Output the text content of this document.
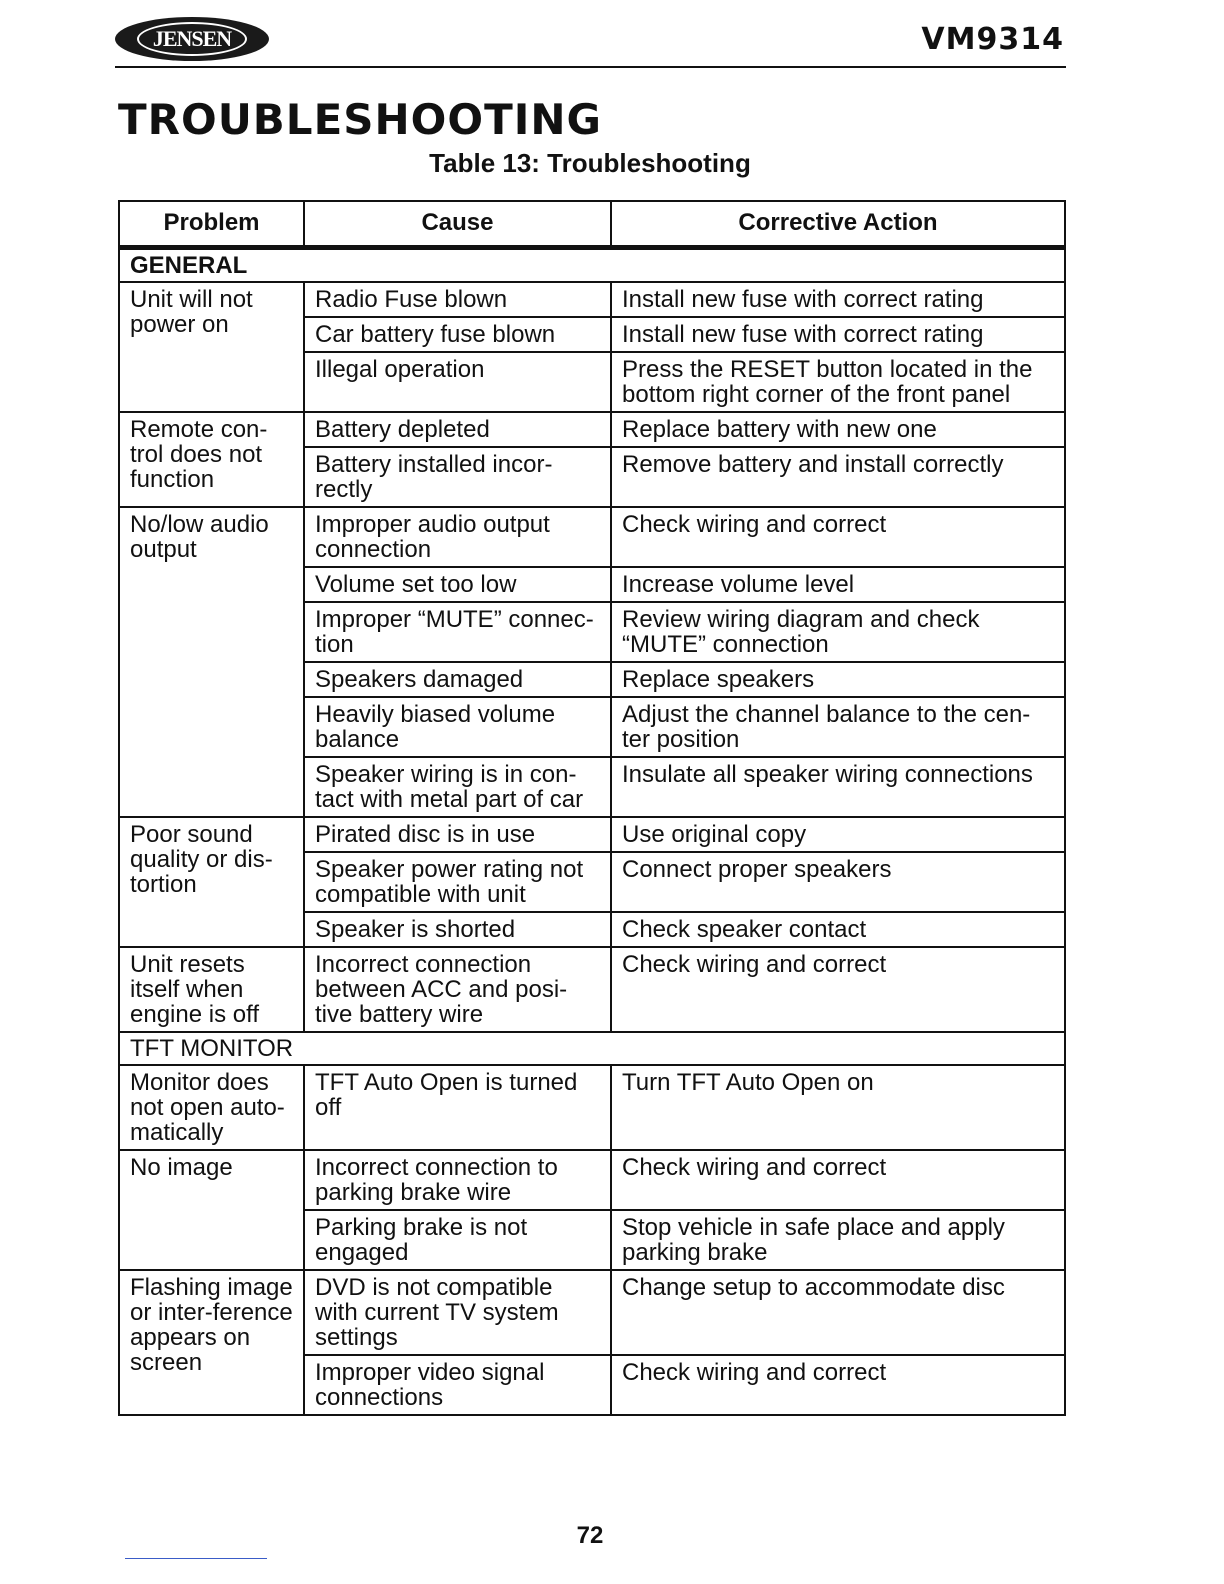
JENSEN	VM9314
TROUBLESHOOTING
Table 13: Troubleshooting
Problem	Cause	Corrective Action
GENERAL		
Unit will not power on	Radio Fuse blown	Install new fuse with correct rating
	Car battery fuse blown	Install new fuse with correct rating
	Illegal operation	Press the RESET button located in the bottom right corner of the front panel
Remote con-trol does not function	Battery depleted	Replace battery with new one
	Battery installed incor-rectly	Remove battery and install correctly
No/low audio output	Improper audio output connection	Check wiring and correct
	Volume set too low	Increase volume level
	Improper “MUTE” connec-tion	Review wiring diagram and check “MUTE” connection
	Speakers damaged	Replace speakers
	Heavily biased volume balance	Adjust the channel balance to the cen-ter position
	Speaker wiring is in con-tact with metal part of car	Insulate all speaker wiring connections
Poor sound quality or dis-tortion	Pirated disc is in use	Use original copy
	Speaker power rating not compatible with unit	Connect proper speakers
	Speaker is shorted	Check speaker contact
Unit resets itself when engine is off	Incorrect connection between ACC and posi-tive battery wire	Check wiring and correct
TFT MONITOR		
Monitor does not open auto-matically	TFT Auto Open is turned off	Turn TFT Auto Open on
No image	Incorrect connection to parking brake wire	Check wiring and correct
	Parking brake is not engaged	Stop vehicle in safe place and apply parking brake
Flashing image or inter-ference appears on screen	DVD is not compatible with current TV system settings	Change setup to accommodate disc
	Improper video signal connections	Check wiring and correct
72
